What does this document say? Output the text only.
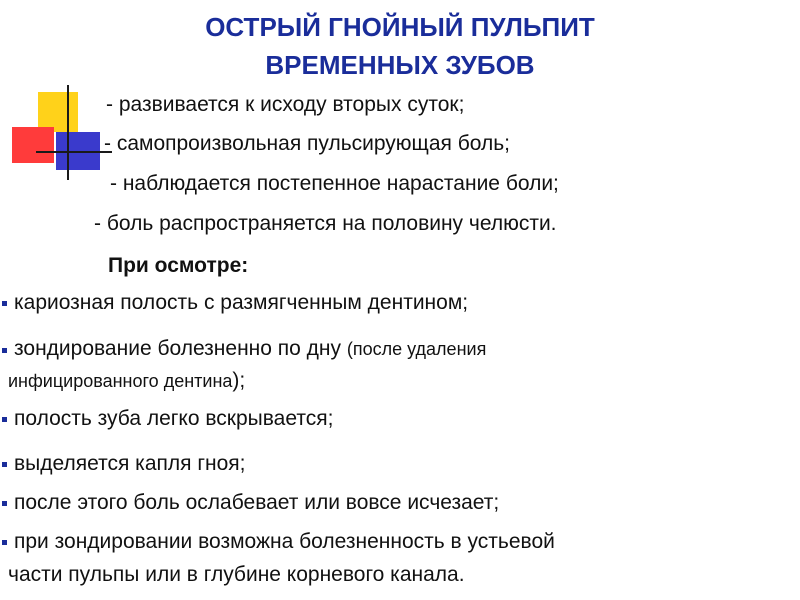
ОСТРЫЙ ГНОЙНЫЙ ПУЛЬПИТ
ВРЕМЕННЫХ ЗУБОВ
- развивается к исходу вторых суток;
- самопроизвольная пульсирующая боль;
- наблюдается постепенное нарастание боли;
- боль распространяется на половину челюсти.
При осмотре:
кариозная полость с размягченным дентином;
зондирование болезненно по дну (после удаления
инфицированного дентина);
полость зуба легко вскрывается;
выделяется капля гноя;
после этого боль ослабевает или вовсе исчезает;
при зондировании возможна болезненность в устьевой
части пульпы или в глубине корневого канала.
